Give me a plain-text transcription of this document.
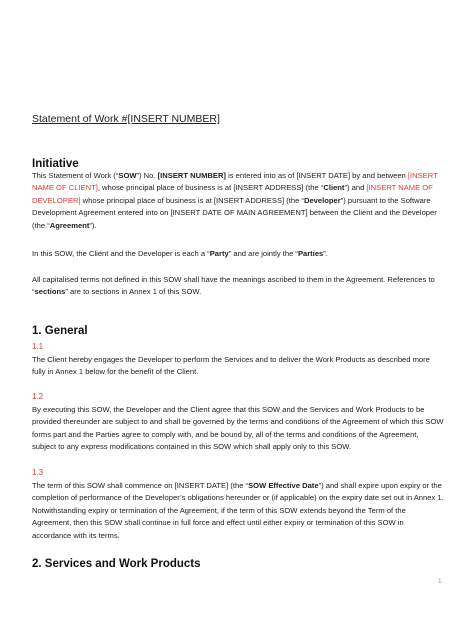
Statement of Work #[INSERT NUMBER]
Initiative
This Statement of Work (“SOW”) No. [INSERT NUMBER] is entered into as of [INSERT DATE] by and between [INSERT NAME OF CLIENT], whose principal place of business is at [INSERT ADDRESS] (the “Client”) and [INSERT NAME OF DEVELOPER] whose principal place of business is at [INSERT ADDRESS] (the “Developer”) pursuant to the Software Development Agreement entered into on [INSERT DATE OF MAIN AGREEMENT] between the Client and the Developer (the “Agreement”).
In this SOW, the Client and the Developer is each a “Party” and are jointly the “Parties”.
All capitalised terms not defined in this SOW shall have the meanings ascribed to them in the Agreement. References to “sections” are to sections in Annex 1 of this SOW.
1. General
1.1
The Client hereby engages the Developer to perform the Services and to deliver the Work Products as described more fully in Annex 1 below for the benefit of the Client.
1.2
By executing this SOW, the Developer and the Client agree that this SOW and the Services and Work Products to be provided thereunder are subject to and shall be governed by the terms and conditions of the Agreement of which this SOW forms part and the Parties agree to comply with, and be bound by, all of the terms and conditions of the Agreement, subject to any express modifications contained in this SOW which shall apply only to this SOW.
1.3
The term of this SOW shall commence on [INSERT DATE] (the “SOW Effective Date”) and shall expire upon expiry or the completion of performance of the Developer’s obligations hereunder or (if applicable) on the expiry date set out in Annex 1. Notwithstanding expiry or termination of the Agreement, if the term of this SOW extends beyond the Term of the Agreement, then this SOW shall continue in full force and effect until either expiry or termination of this SOW in accordance with its terms.
2. Services and Work Products
1
